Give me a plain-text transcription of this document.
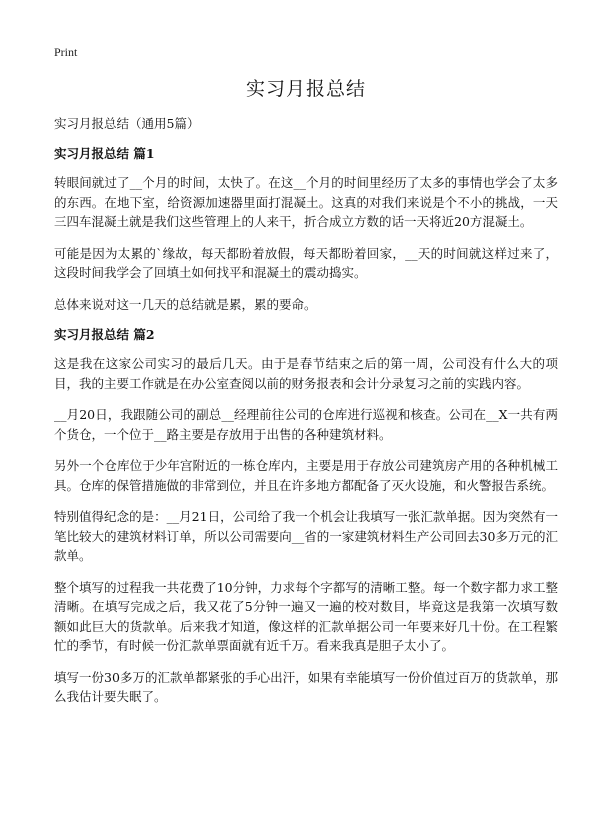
Print
实习月报总结
实习月报总结（通用5篇）
实习月报总结 篇1

转眼间就过了__个月的时间，太快了。在这__个月的时间里经历了太多的事情也学会了太多的东西。在地下室，给资源加速器里面打混凝土。这真的对我们来说是个不小的挑战，一天三四车混凝土就是我们这些管理上的人来干，折合成立方数的话一天将近20方混凝土。

可能是因为太累的`缘故，每天都盼着放假，每天都盼着回家，__天的时间就这样过来了，这段时间我学会了回填土如何找平和混凝土的震动捣实。

总体来说对这一几天的总结就是累，累的要命。

实习月报总结 篇2

这是我在这家公司实习的最后几天。由于是春节结束之后的第一周，公司没有什么大的项目，我的主要工作就是在办公室查阅以前的财务报表和会计分录复习之前的实践内容。

__月20日，我跟随公司的副总__经理前往公司的仓库进行巡视和核查。公司在__X一共有两个货仓，一个位于__路主要是存放用于出售的各种建筑材料。

另外一个仓库位于少年宫附近的一栋仓库内，主要是用于存放公司建筑房产用的各种机械工具。仓库的保管措施做的非常到位，并且在许多地方都配备了灭火设施，和火警报告系统。

特别值得纪念的是：__月21日，公司给了我一个机会让我填写一张汇款单据。因为突然有一笔比较大的建筑材料订单，所以公司需要向__省的一家建筑材料生产公司回去30多万元的汇款单。

整个填写的过程我一共花费了10分钟，力求每个字都写的清晰工整。每一个数字都力求工整清晰。在填写完成之后，我又花了5分钟一遍又一遍的校对数目，毕竟这是我第一次填写数额如此巨大的货款单。后来我才知道，像这样的汇款单据公司一年要来好几十份。在工程繁忙的季节，有时候一份汇款单票面就有近千万。看来我真是胆子太小了。

填写一份30多万的汇款单都紧张的手心出汗，如果有幸能填写一份价值过百万的货款单，那么我估计要失眠了。
